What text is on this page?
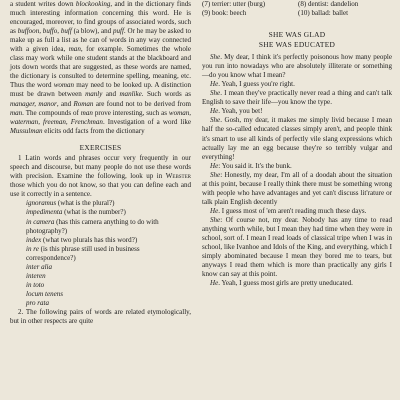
a student writes down blockooking, and in the dictionary finds much interesting information concerning this word. He is encouraged, moreover, to find groups of associated words, such as buffoon, buffo, buff (a blow), and puff. Or he may be asked to make up as full a list as he can of words in any way connected with a given idea, man, for example. Sometimes the whole class may work while one student stands at the blackboard and jots down words that are suggested, as these words are named, the dictionary is consulted to determine spelling, meaning, etc. Thus the word woman may need to be looked up. A distinction must be drawn between manly and manlike. Such words as manager, manor, and Roman are found not to be derived from man. The compounds of man prove interesting, such as woman, waterman, freeman, Frenchman. Investigation of a word like Mussulman elicits odd facts from the dictionary

EXERCISES

1 Latin words and phrases occur very frequently in our speech and discourse, but many people do not use these words with precision. Examine the following, look up in Webster those which you do not know, so that you can define each and use it correctly in a sentence.

ignoramus (what is the plural?)

impedimenta (what is the number?)

in camera (has this camera anything to do with photography?)

index (what two plurals has this word?)

in re (is this phrase still used in business correspondence?)

inter alia

interen

in toto

locum tenens

pro rata

2. The following pairs of words are related etymologically, but in other respects are quite

(7) terrier: utter (burg)	(8) dentist: dandelion
(9) book: beech	(10) ballad: ballet

SHE WAS GLAD

SHE WAS EDUCATED

She. My dear, I think it's perfectly poisonous how many people you run into nowadays who are absolutely illiterate or something—do you know what I mean?

He. Yeah, I guess you're right.

She. I mean they've practically never read a thing and can't talk English to save their life—you know the type.

He. Yeah, you bet!

She. Gosh, my dear, it makes me simply livid because I mean half the so-called educated classes simply aren't, and people think it's smart to use all kinds of perfectly vile slang expressions which actually lay me an egg because they're so terribly vulgar and everything!

He: You said it. It's the bunk.

She: Honestly, my dear, I'm all of a doodah about the situation at this point, because I really think there must be something wrong with people who have advantages and yet can't discuss lit'rature or talk plain English decently

He. I guess most of 'em aren't reading much these days.

She: Of course not, my dear. Nobody has any time to read anything worth while, but I mean they had time when they were in school, sort of. I mean I read loads of classical tripe when I was in school, like Ivanhoe and Idols of the King, and everything, which I simply abominated because I mean they bored me to tears, but anyways I read them which is more than practically any girls I know can say at this point.

He. Yeah, I guess most girls are pretty uneducated.
